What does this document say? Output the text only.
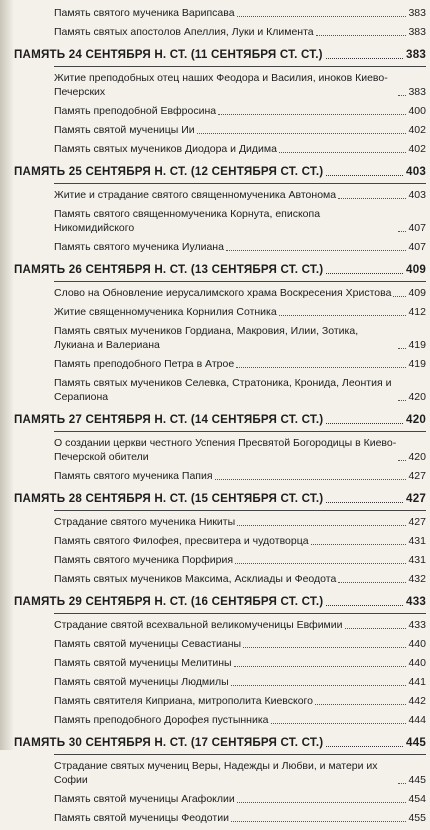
Память святого мученика Варипсава	383
Память святых апостолов Апеллия, Луки и Климента	383
ПАМЯТЬ 24 СЕНТЯБРЯ Н. СТ. (11 СЕНТЯБРЯ СТ. СТ.)	383
Житие преподобных отец наших Феодора и Василия, иноков Киево-Печерских	383
Память преподобной Евфросина	400
Память святой мученицы Ии	402
Память святых мучеников Диодора и Дидима	402
ПАМЯТЬ 25 СЕНТЯБРЯ Н. СТ. (12 СЕНТЯБРЯ СТ. СТ.)	403
Житие и страдание святого священномученика Автонома	403
Память святого священномученика Корнута, епископа Никомидийского	407
Память святого мученика Иулиана	407
ПАМЯТЬ 26 СЕНТЯБРЯ Н. СТ. (13 СЕНТЯБРЯ СТ. СТ.)	409
Слово на Обновление иерусалимского храма Воскресения Христова 409
Житие священномученика Корнилия Сотника	412
Память святых мучеников Гордиана, Макровия, Илии, Зотика, Лукиана и Валериана	419
Память преподобного Петра в Атрое	419
Память святых мучеников Селевка, Стратоника, Кронида, Леонтия и Серапиона	420
ПАМЯТЬ 27 СЕНТЯБРЯ Н. СТ. (14 СЕНТЯБРЯ СТ. СТ.)	420
О создании церкви честного Успения Пресвятой Богородицы в Киево-Печерской обители	420
Память святого мученика Папия	427
ПАМЯТЬ 28 СЕНТЯБРЯ Н. СТ. (15 СЕНТЯБРЯ СТ. СТ.)	427
Страдание святого мученика Никиты	427
Память святого Филофея, пресвитера и чудотворца	431
Память святого мученика Порфирия	431
Память святых мучеников Максима, Асклиады и Феодота	432
ПАМЯТЬ 29 СЕНТЯБРЯ Н. СТ. (16 СЕНТЯБРЯ СТ. СТ.)	433
Страдание святой всехвальной великомученицы Евфимии	433
Память святой мученицы Севастианы	440
Память святой мученицы Мелитины	440
Память святой мученицы Людмилы	441
Память святителя Киприана, митрополита Киевского	442
Память преподобного Дорофея пустынника	444
ПАМЯТЬ 30 СЕНТЯБРЯ Н. СТ. (17 СЕНТЯБРЯ СТ. СТ.)	445
Страдание святых мучениц Веры, Надежды и Любви, и матери их Софии	445
Память святой мученицы Агафоклии	454
Память святой мученицы Феодотии	455
